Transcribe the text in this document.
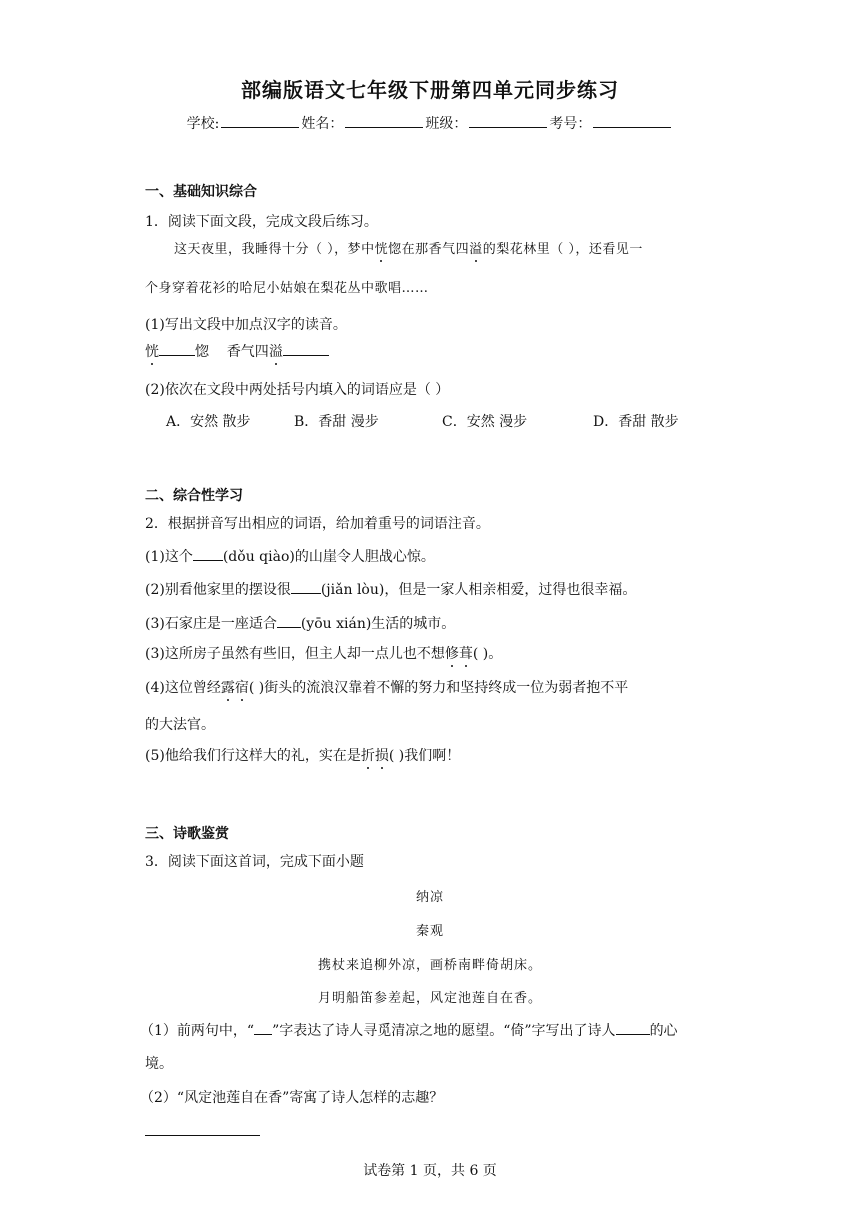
部编版语文七年级下册第四单元同步练习
学校:	姓名：	班级：	考号：
一、基础知识综合
1．阅读下面文段，完成文段后练习。
这天夜里，我睡得十分（ ），梦中恍惚在那香气四溢的梨花林里（ ），还看见一
个身穿着花衫的哈尼小姑娘在梨花丛中歌唱……
(1)写出文段中加点汉字的读音。
恍	惚 香气四溢
(2)依次在文段中两处括号内填入的词语应是（ ）
A．安然 散步	B．香甜 漫步	C．安然 漫步	D．香甜 散步
二、综合性学习
2．根据拼音写出相应的词语，给加着重号的词语注音。
(1)这个 (dǒu qiào)的山崖令人胆战心惊。
(2)别看他家里的摆设很 (jiǎn lòu)，但是一家人相亲相爱，过得也很幸福。
(3)石家庄是一座适合 (yōu xián)生活的城市。
(3)这所房子虽然有些旧，但主人却一点儿也不想修葺( )。
(4)这位曾经露宿( )街头的流浪汉靠着不懈的努力和坚持终成一位为弱者抱不平
的大法官。
(5)他给我们行这样大的礼，实在是折损( )我们啊！
三、诗歌鉴赏
3．阅读下面这首词，完成下面小题
纳凉
秦观
携杖来追柳外凉，画桥南畔倚胡床。
月明船笛参差起，风定池莲自在香。
（1）前两句中，“ ”字表达了诗人寻觅清凉之地的愿望。“倚”字写出了诗人 的心
境。
（2）“风定池莲自在香”寄寓了诗人怎样的志趣？
试卷第 1 页，共 6 页
